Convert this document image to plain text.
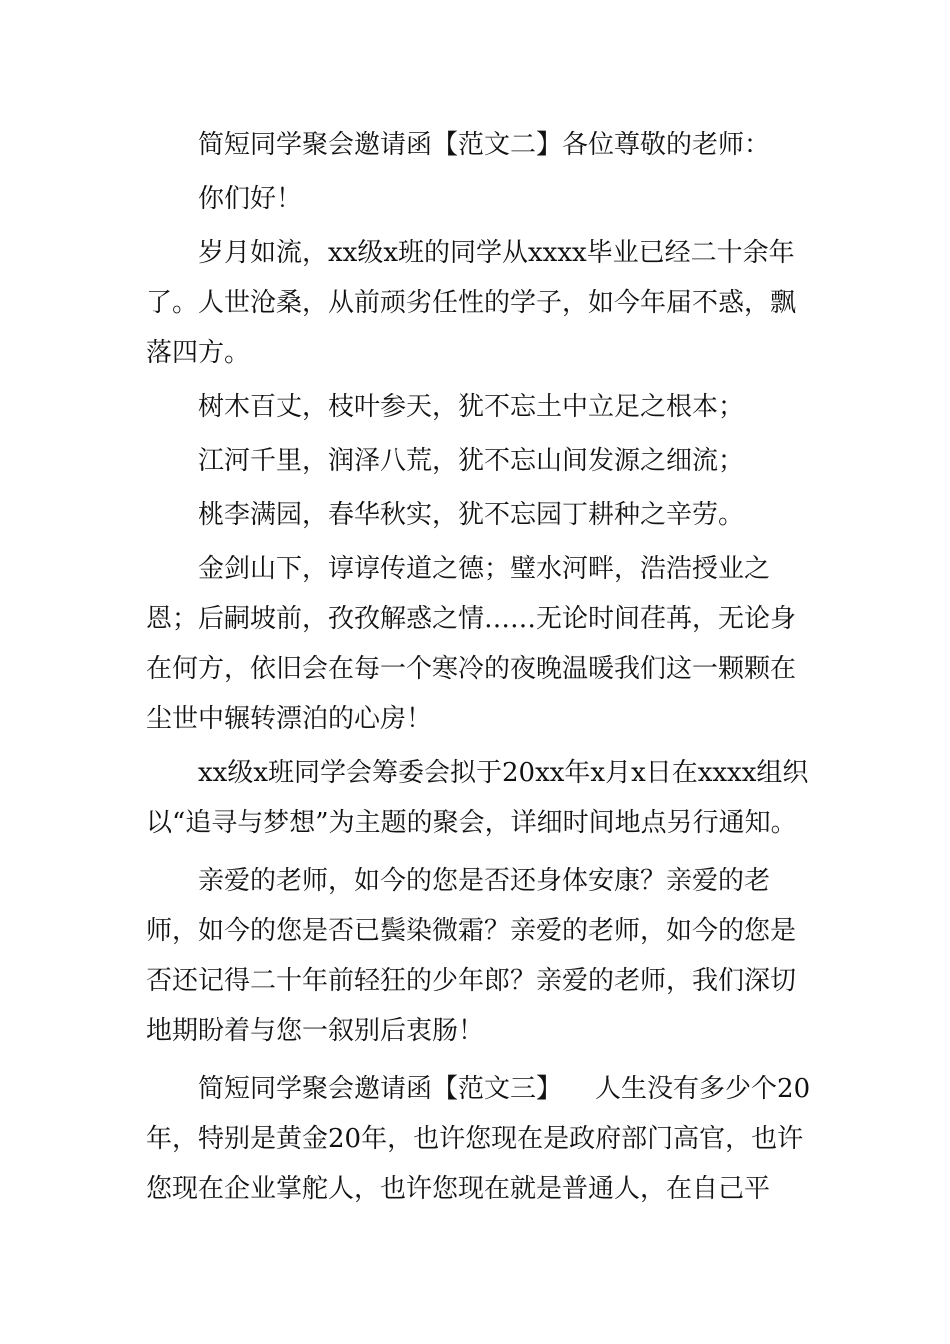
简短同学聚会邀请函【范文二】各位尊敬的老师：

你们好！

岁月如流，xx级x班的同学从xxxx毕业已经二十余年了。人世沧桑，从前顽劣任性的学子，如今年届不惑，飘落四方。

树木百丈，枝叶参天，犹不忘土中立足之根本；

江河千里，润泽八荒，犹不忘山间发源之细流；

桃李满园，春华秋实，犹不忘园丁耕种之辛劳。

金剑山下，谆谆传道之德；璧水河畔，浩浩授业之恩；后嗣坡前，孜孜解惑之情……无论时间荏苒，无论身在何方，依旧会在每一个寒冷的夜晚温暖我们这一颗颗在尘世中辗转漂泊的心房！

xx级x班同学会筹委会拟于20xx年x月x日在xxxx组织以“追寻与梦想”为主题的聚会，详细时间地点另行通知。

亲爱的老师，如今的您是否还身体安康？亲爱的老师，如今的您是否已鬓染微霜？亲爱的老师，如今的您是否还记得二十年前轻狂的少年郎？亲爱的老师，我们深切地期盼着与您一叙别后衷肠！

简短同学聚会邀请函【范文三】    人生没有多少个20年，特别是黄金20年，也许您现在是政府部门高官，也许您现在企业掌舵人，也许您现在就是普通人，在自己平
